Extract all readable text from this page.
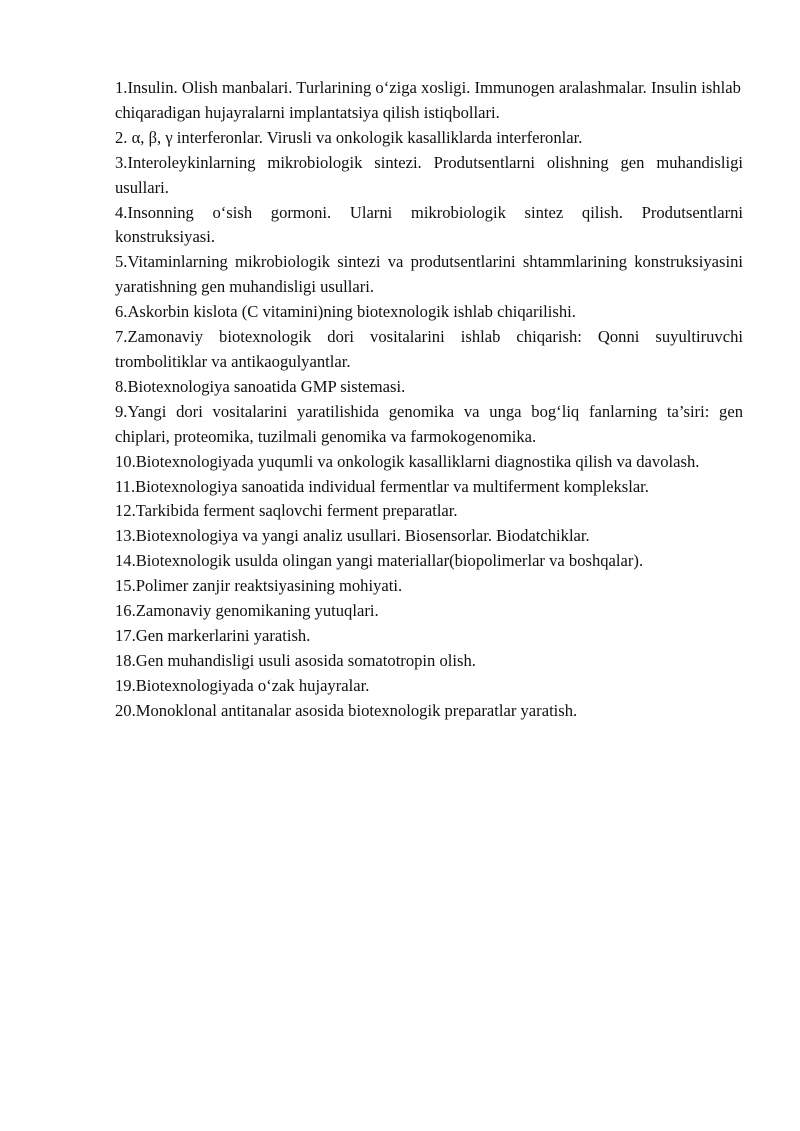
1.Insulin. Olish manbalari. Turlarining o‘ziga xosligi. Immunogen aralashmalar. Insulin ishlab chiqaradigan hujayralarni implantatsiya qilish istiqbollari.

2. α, β, γ interferonlar. Virusli va onkologik kasalliklarda interferonlar.

3.Interoleykinlarning mikrobiologik sintezi. Produtsentlarni olishning gen muhandisligi usullari.

4.Insonning o‘sish gormoni. Ularni mikrobiologik sintez qilish. Produtsentlarni konstruksiyasi.

5.Vitaminlarning mikrobiologik sintezi va produtsentlarini shtammlarining konstruksiyasini yaratishning gen muhandisligi usullari.

6.Askorbin kislota (C vitamini)ning biotexnologik ishlab chiqarilishi.

7.Zamonaviy biotexnologik dori vositalarini ishlab chiqarish: Qonni suyultiruvchi trombolitiklar va antikaogulyantlar.

8.Biotexnologiya sanoatida GMP sistemasi.

9.Yangi dori vositalarini yaratilishida genomika va unga bog‘liq fanlarning ta’siri: gen chiplari, proteomika, tuzilmali genomika va farmokogenomika.

10.Biotexnologiyada yuqumli va onkologik kasalliklarni diagnostika qilish va davolash.

11.Biotexnologiya sanoatida individual fermentlar va multiferment komplekslar.

12.Tarkibida ferment saqlovchi ferment preparatlar.

13.Biotexnologiya va yangi analiz usullari. Biosensorlar. Biodatchiklar.

14.Biotexnologik usulda olingan yangi materiallar(biopolimerlar va boshqalar).

15.Polimer zanjir reaktsiyasining mohiyati.

16.Zamonaviy genomikaning yutuqlari.

17.Gen markerlarini yaratish.

18.Gen muhandisligi usuli asosida somatotropin olish.

19.Biotexnologiyada o‘zak hujayralar.

20.Monoklonal antitanalar asosida biotexnologik preparatlar yaratish.
